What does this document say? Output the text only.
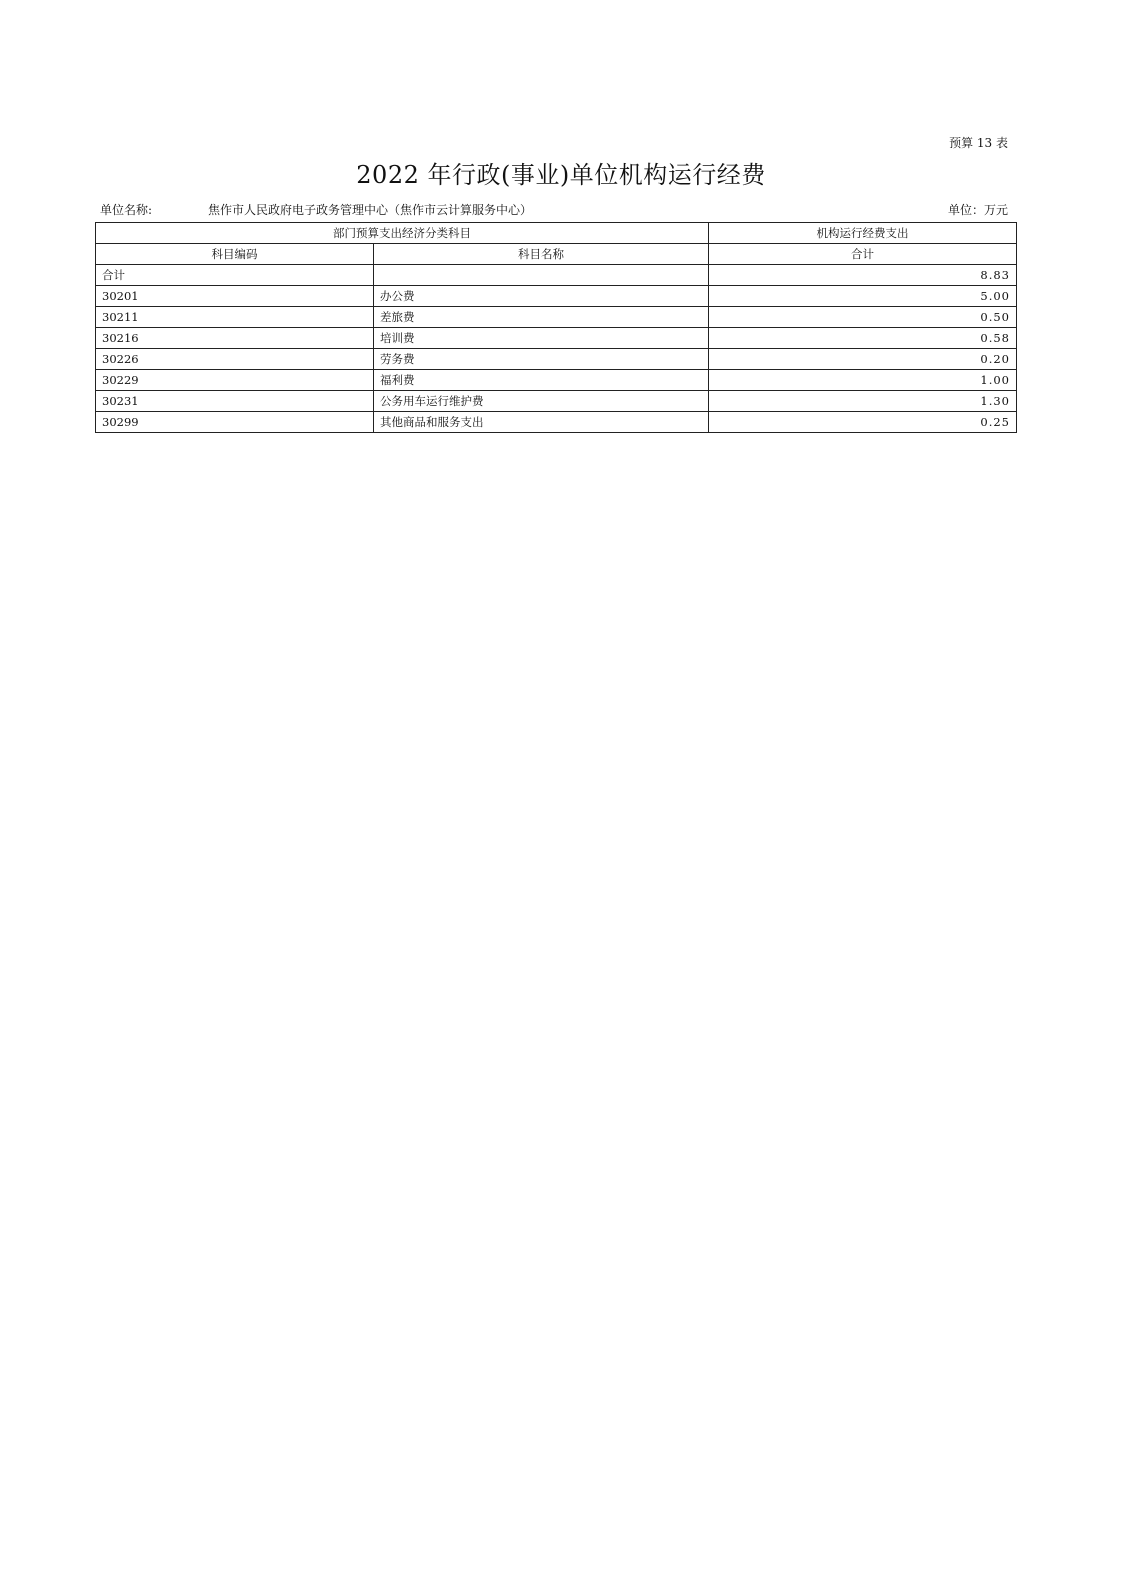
预算 13 表
2022 年行政(事业)单位机构运行经费
单位名称:	焦作市人民政府电子政务管理中心（焦作市云计算服务中心）	单位：万元
部门预算支出经济分类科目		机构运行经费支出
科目编码	科目名称	合计
合计		8.83
30201	办公费	5.00
30211	差旅费	0.50
30216	培训费	0.58
30226	劳务费	0.20
30229	福利费	1.00
30231	公务用车运行维护费	1.30
30299	其他商品和服务支出	0.25
